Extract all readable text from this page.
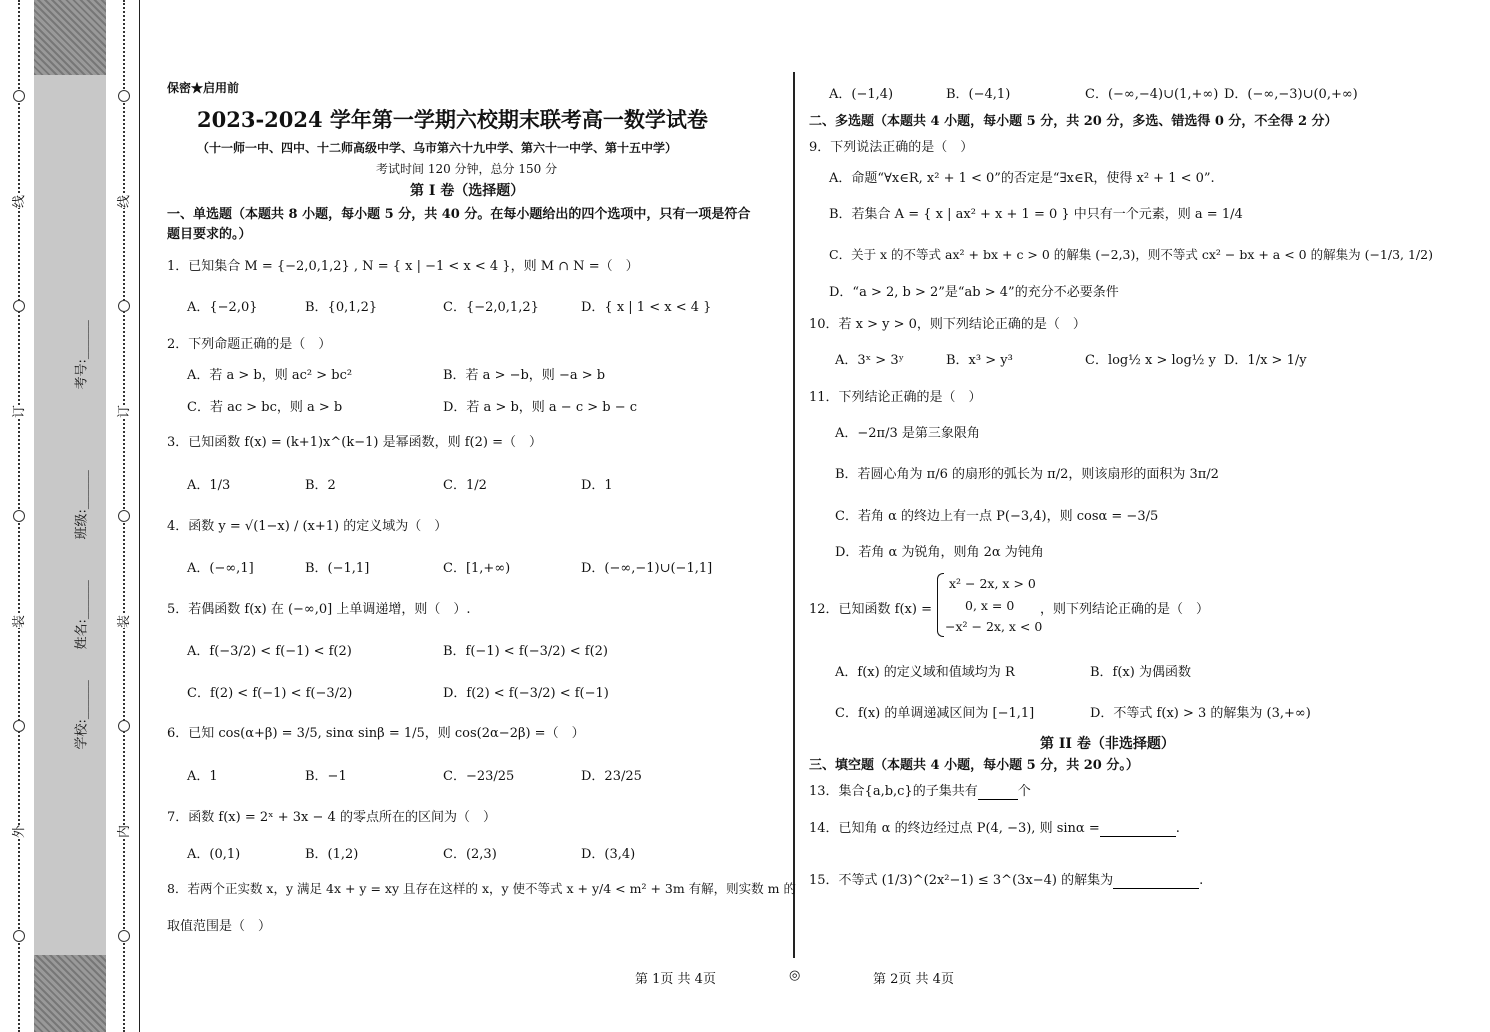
线
订
装
外
学校:______
姓名:______
班级:______
考号:______
线
订
装
内
保密★启用前
2023-2024 学年第一学期六校期末联考高一数学试卷
（十一师一中、四中、十二师高级中学、乌市第六十九中学、第六十一中学、第十五中学）
考试时间 120 分钟，总分 150 分
第 I 卷（选择题）
一、单选题（本题共 8 小题，每小题 5 分，共 40 分。在每小题给出的四个选项中，只有一项是符合
题目要求的。）
1．已知集合 M = {−2,0,1,2} , N = { x | −1 < x < 4 }，则 M ∩ N =（　）
A．{−2,0}	B．{0,1,2}	C．{−2,0,1,2}	D．{ x | 1 < x < 4 }
2．下列命题正确的是（　）
A．若 a > b，则 ac² > bc²	B．若 a > −b，则 −a > b
C．若 ac > bc，则 a > b	D．若 a > b，则 a − c > b − c
3．已知函数 f(x) = (k+1)x^(k−1) 是幂函数，则 f(2) =（　）
A．1/3	B．2	C．1/2	D．1
4．函数 y = √(1−x) / (x+1) 的定义域为（　）
A．(−∞,1]	B．(−1,1]	C．[1,+∞)	D．(−∞,−1)∪(−1,1]
5．若偶函数 f(x) 在 (−∞,0] 上单调递增，则（　）.
A．f(−3/2) < f(−1) < f(2)	B．f(−1) < f(−3/2) < f(2)
C．f(2) < f(−1) < f(−3/2)	D．f(2) < f(−3/2) < f(−1)
6．已知 cos(α+β) = 3/5, sinα sinβ = 1/5，则 cos(2α−2β) =（　）
A．1	B．−1	C．−23/25	D．23/25
7．函数 f(x) = 2ˣ + 3x − 4 的零点所在的区间为（　）
A．(0,1)	B．(1,2)	C．(2,3)	D．(3,4)
8．若两个正实数 x，y 满足 4x + y = xy 且存在这样的 x，y 使不等式 x + y/4 < m² + 3m 有解，则实数 m 的
取值范围是（　）
A．(−1,4)	B．(−4,1)	C．(−∞,−4)∪(1,+∞) D．(−∞,−3)∪(0,+∞)
二、多选题（本题共 4 小题，每小题 5 分，共 20 分，多选、错选得 0 分，不全得 2 分）
9．下列说法正确的是（　）
A．命题“∀x∈R, x² + 1 < 0”的否定是“∃x∈R，使得 x² + 1 < 0”.
B．若集合 A = { x | ax² + x + 1 = 0 } 中只有一个元素，则 a = 1/4
C．关于 x 的不等式 ax² + bx + c > 0 的解集 (−2,3)，则不等式 cx² − bx + a < 0 的解集为 (−1/3, 1/2)
D．“a > 2, b > 2”是“ab > 4”的充分不必要条件
10．若 x > y > 0，则下列结论正确的是（　）
A．3ˣ > 3ʸ	B．x³ > y³	C．log½ x > log½ y D．1/x > 1/y
11．下列结论正确的是（　）
A．−2π/3 是第三象限角
B．若圆心角为 π/6 的扇形的弧长为 π/2，则该扇形的面积为 3π/2
C．若角 α 的终边上有一点 P(−3,4)，则 cosα = −3/5
D．若角 α 为锐角，则角 2α 为钝角
12．已知函数 f(x) =
x² − 2x, x > 0
0, x = 0
−x² − 2x, x < 0
，则下列结论正确的是（　）
A．f(x) 的定义域和值域均为 R	B．f(x) 为偶函数
C．f(x) 的单调递减区间为 [−1,1]	D．不等式 f(x) > 3 的解集为 (3,+∞)
第 II 卷（非选择题）
三、填空题（本题共 4 小题，每小题 5 分，共 20 分。）
13．集合{a,b,c}的子集共有	个
14．已知角 α 的终边经过点 P(4, −3), 则 sinα =	.
15．不等式 (1/3)^(2x²−1) ≤ 3^(3x−4) 的解集为	.
第 1页 共 4页	◎	第 2页 共 4页
